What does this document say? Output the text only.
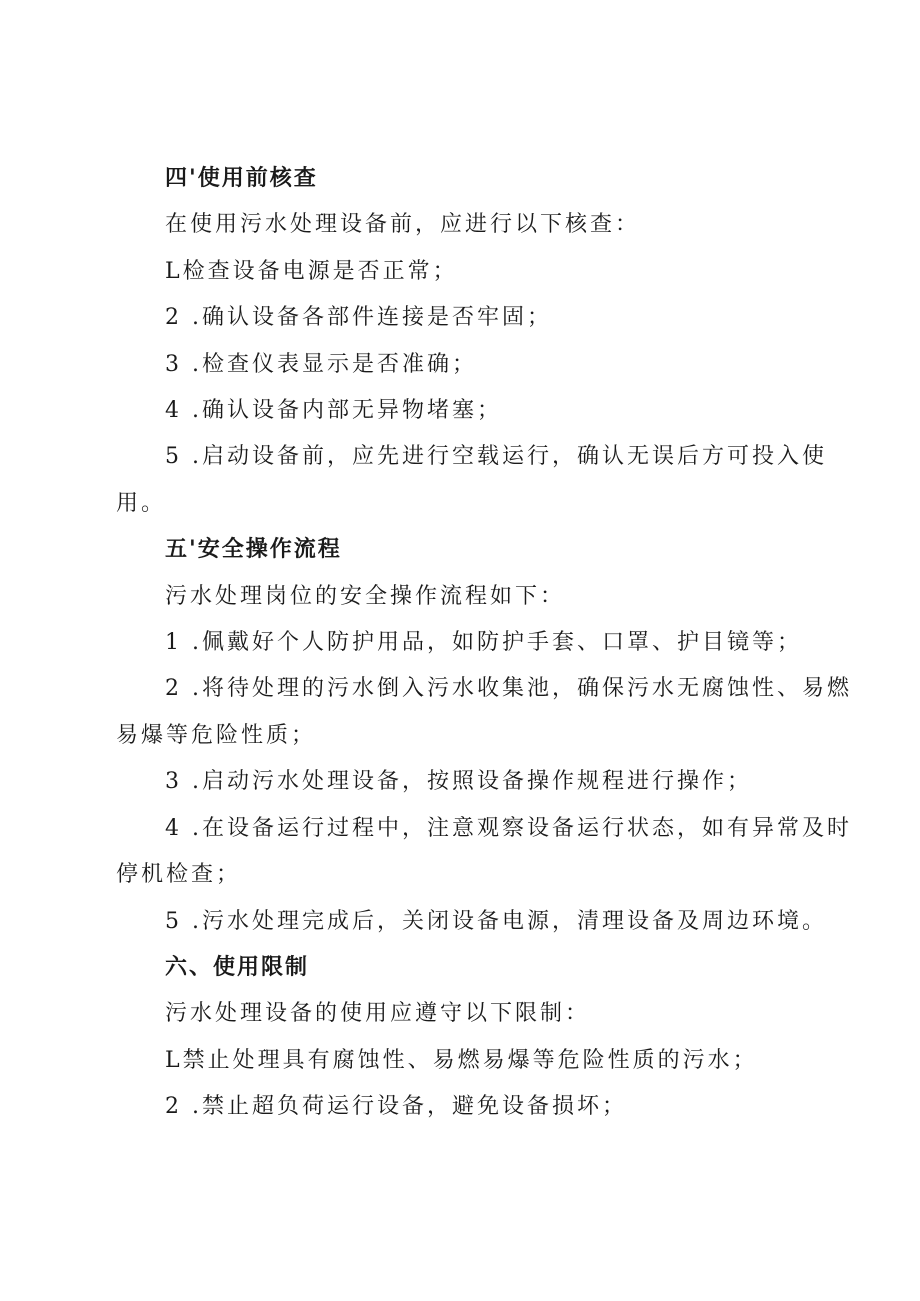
四'使用前核查

在使用污水处理设备前，应进行以下核查：

L检查设备电源是否正常；

2 .确认设备各部件连接是否牢固；

3 .检查仪表显示是否准确；

4 .确认设备内部无异物堵塞；

5 .启动设备前，应先进行空载运行，确认无误后方可投入使

用。

五'安全操作流程

污水处理岗位的安全操作流程如下：

1 .佩戴好个人防护用品，如防护手套、口罩、护目镜等；

2 .将待处理的污水倒入污水收集池，确保污水无腐蚀性、易燃

易爆等危险性质；

3 .启动污水处理设备，按照设备操作规程进行操作；

4 .在设备运行过程中，注意观察设备运行状态，如有异常及时

停机检查；

5 .污水处理完成后，关闭设备电源，清理设备及周边环境。

六、使用限制

污水处理设备的使用应遵守以下限制：

L禁止处理具有腐蚀性、易燃易爆等危险性质的污水；

2 .禁止超负荷运行设备，避免设备损坏；
